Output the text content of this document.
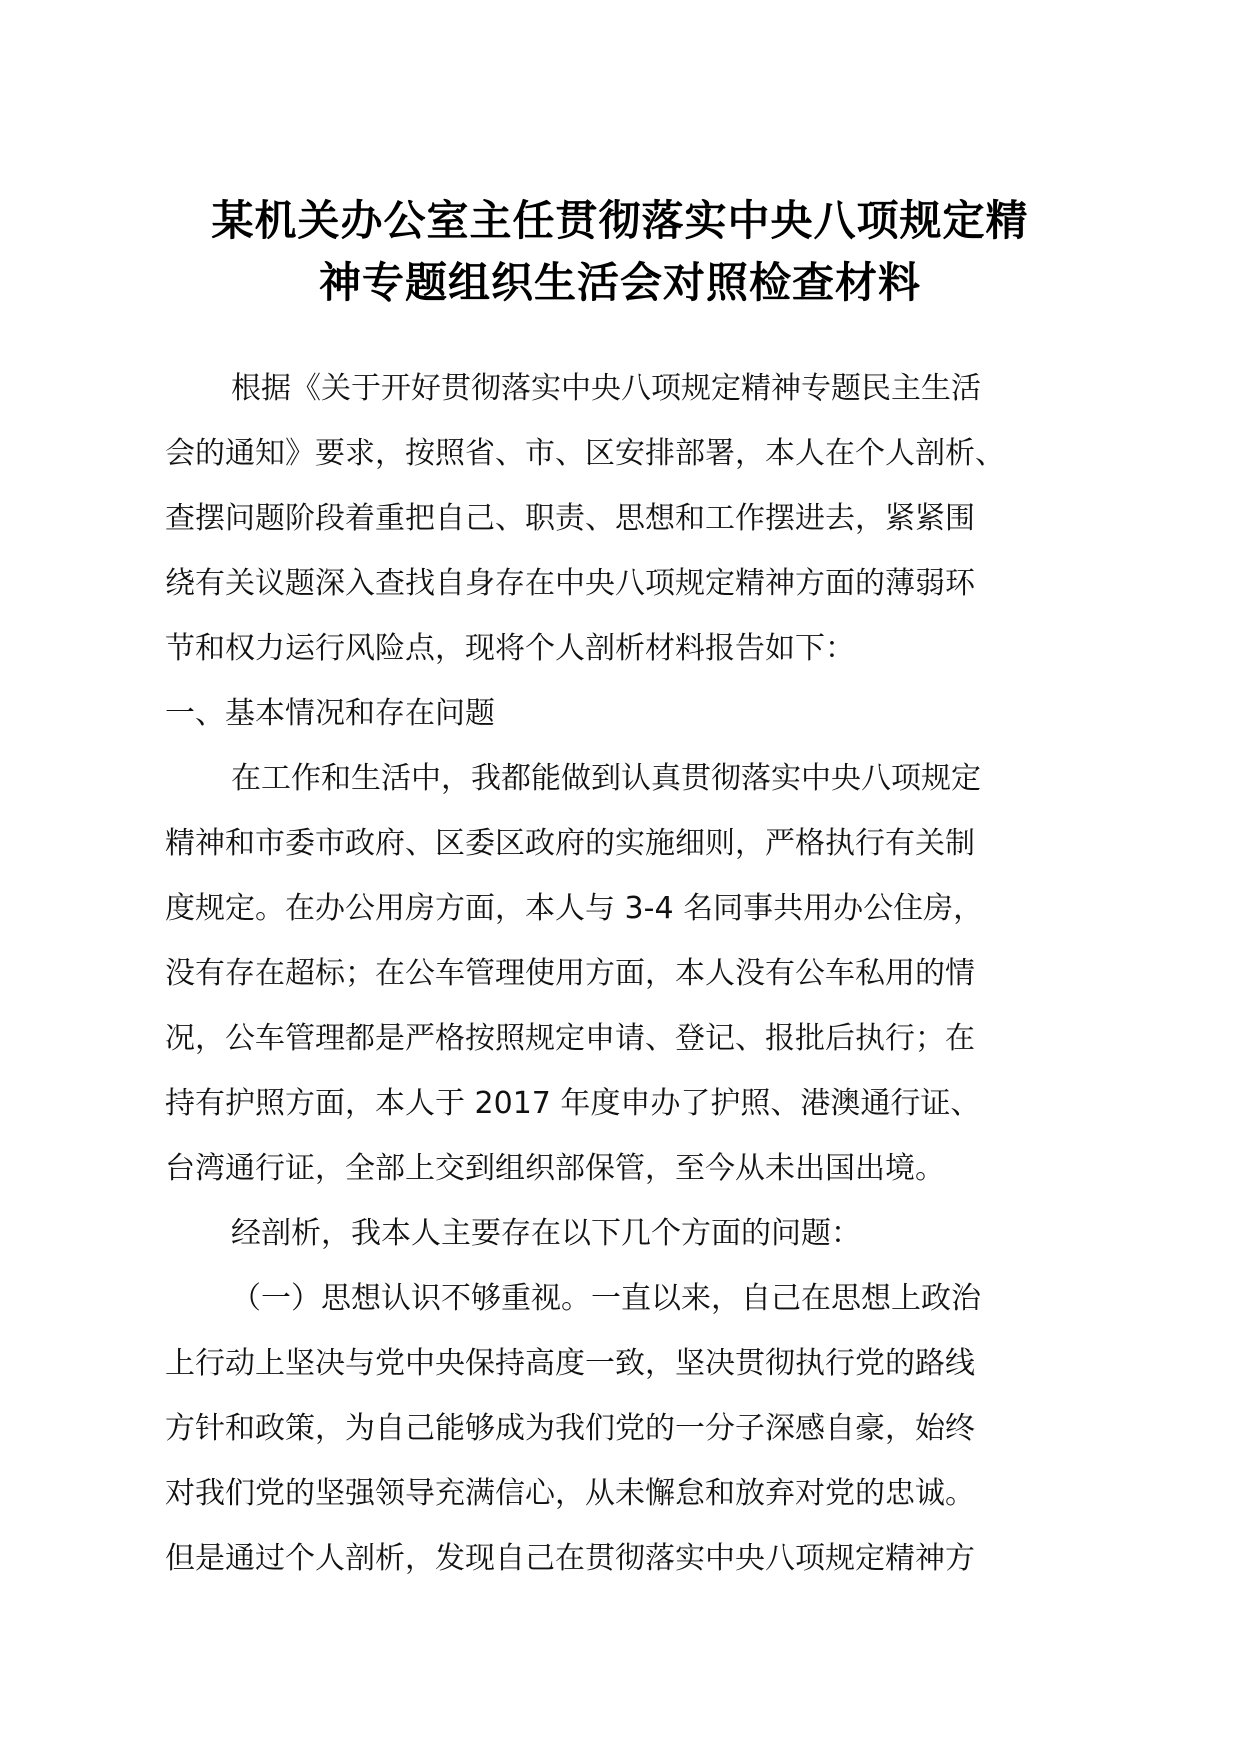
某机关办公室主任贯彻落实中央八项规定精
神专题组织生活会对照检查材料
根据《关于开好贯彻落实中央八项规定精神专题民主生活
会的通知》要求，按照省、市、区安排部署，本人在个人剖析、
查摆问题阶段着重把自己、职责、思想和工作摆进去，紧紧围
绕有关议题深入查找自身存在中央八项规定精神方面的薄弱环
节和权力运行风险点，现将个人剖析材料报告如下：
一、基本情况和存在问题
在工作和生活中，我都能做到认真贯彻落实中央八项规定
精神和市委市政府、区委区政府的实施细则，严格执行有关制
度规定。在办公用房方面，本人与 3-4 名同事共用办公住房，
没有存在超标；在公车管理使用方面，本人没有公车私用的情
况，公车管理都是严格按照规定申请、登记、报批后执行；在
持有护照方面，本人于 2017 年度申办了护照、港澳通行证、
台湾通行证，全部上交到组织部保管，至今从未出国出境。
经剖析，我本人主要存在以下几个方面的问题：
（一）思想认识不够重视。一直以来，自己在思想上政治
上行动上坚决与党中央保持高度一致，坚决贯彻执行党的路线
方针和政策，为自己能够成为我们党的一分子深感自豪，始终
对我们党的坚强领导充满信心，从未懈怠和放弃对党的忠诚。
但是通过个人剖析，发现自己在贯彻落实中央八项规定精神方
